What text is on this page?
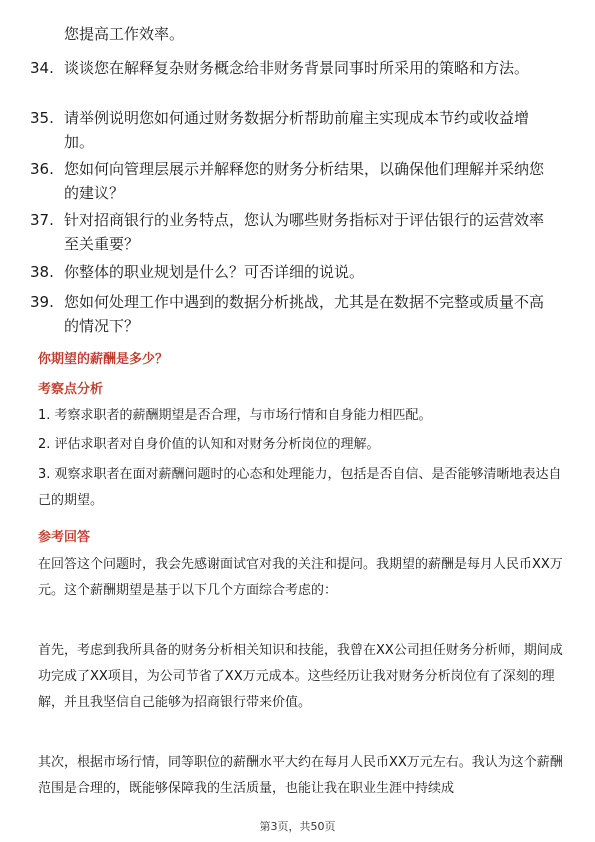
您提高工作效率。
34. 谈谈您在解释复杂财务概念给非财务背景同事时所采用的策略和方法。
35. 请举例说明您如何通过财务数据分析帮助前雇主实现成本节约或收益增加。
36. 您如何向管理层展示并解释您的财务分析结果，以确保他们理解并采纳您的建议？
37. 针对招商银行的业务特点，您认为哪些财务指标对于评估银行的运营效率至关重要？
38. 你整体的职业规划是什么？可否详细的说说。
39. 您如何处理工作中遇到的数据分析挑战，尤其是在数据不完整或质量不高的情况下？
你期望的薪酬是多少？
考察点分析
1. 考察求职者的薪酬期望是否合理，与市场行情和自身能力相匹配。
2. 评估求职者对自身价值的认知和对财务分析岗位的理解。
3. 观察求职者在面对薪酬问题时的心态和处理能力，包括是否自信、是否能够清晰地表达自己的期望。
参考回答
在回答这个问题时，我会先感谢面试官对我的关注和提问。我期望的薪酬是每月人民币XX万元。这个薪酬期望是基于以下几个方面综合考虑的：
首先，考虑到我所具备的财务分析相关知识和技能，我曾在XX公司担任财务分析师，期间成功完成了XX项目，为公司节省了XX万元成本。这些经历让我对财务分析岗位有了深刻的理解，并且我坚信自己能够为招商银行带来价值。
其次，根据市场行情，同等职位的薪酬水平大约在每月人民币XX万元左右。我认为这个薪酬范围是合理的，既能够保障我的生活质量，也能让我在职业生涯中持续成
第3页，共50页
